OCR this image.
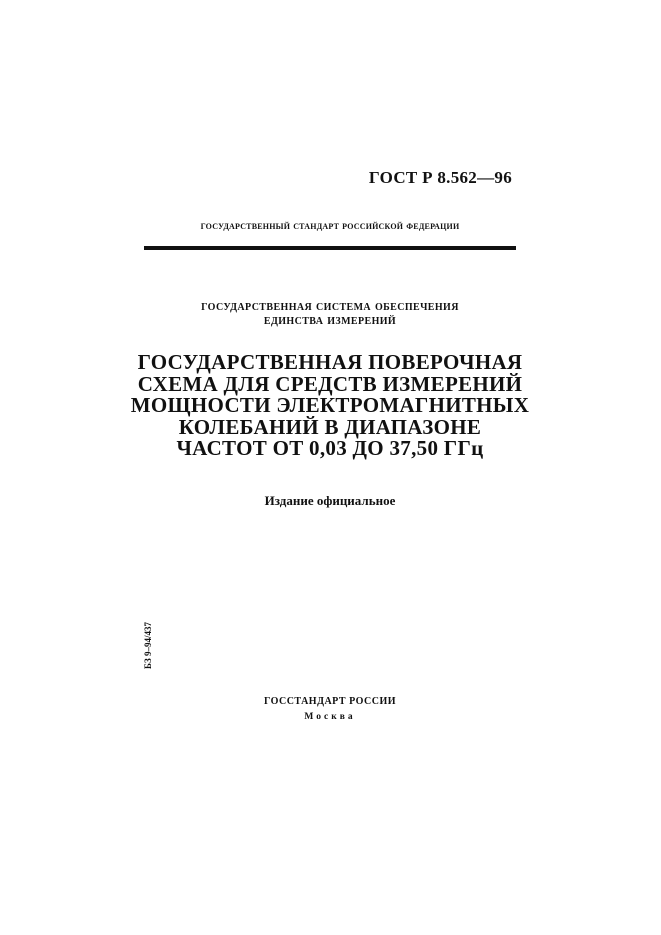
ГОСТ Р 8.562—96
государственный стандарт российской федерации
государственная система обеспечения
единства измерений
ГОСУДАРСТВЕННАЯ ПОВЕРОЧНАЯ
СХЕМА ДЛЯ СРЕДСТВ ИЗМЕРЕНИЙ
МОЩНОСТИ ЭЛЕКТРОМАГНИТНЫХ
КОЛЕБАНИЙ В ДИАПАЗОНЕ
ЧАСТОТ ОТ 0,03 ДО 37,50 ГГц
Издание официальное
БЗ 9–94/437
ГОССТАНДАРТ РОССИИ
Москва
